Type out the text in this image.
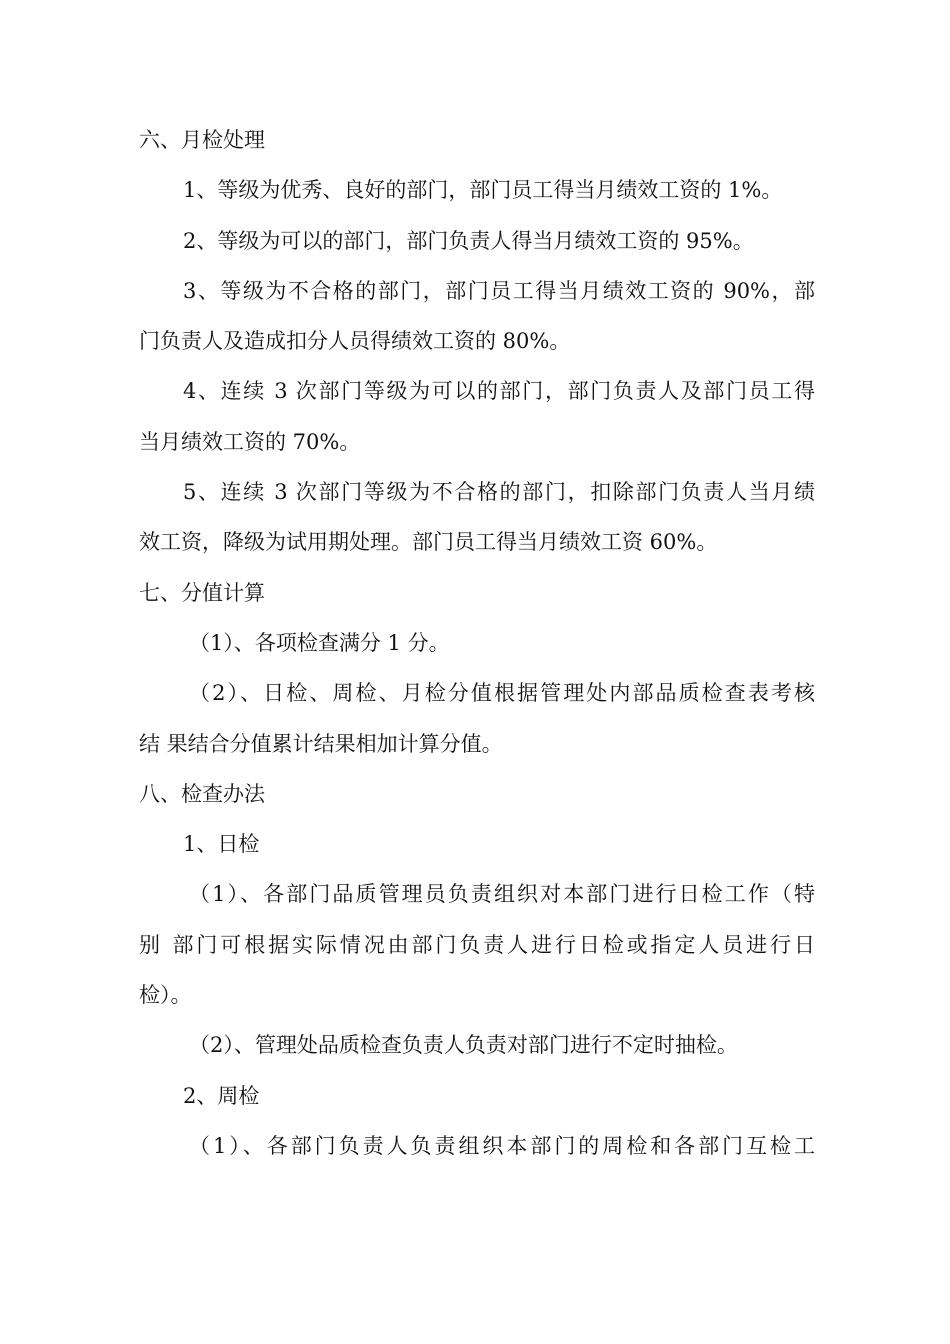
六、月检处理
1、等级为优秀、良好的部门，部门员工得当月绩效工资的 1%。
2、等级为可以的部门，部门负责人得当月绩效工资的 95%。
3、等级为不合格的部门，部门员工得当月绩效工资的 90%，部
门负责人及造成扣分人员得绩效工资的 80%。
4、连续 3 次部门等级为可以的部门，部门负责人及部门员工得
当月绩效工资的 70%。
5、连续 3 次部门等级为不合格的部门，扣除部门负责人当月绩
效工资，降级为试用期处理。部门员工得当月绩效工资 60%。
七、分值计算
（1）、各项检查满分 1 分。
（2）、日检、周检、月检分值根据管理处内部品质检查表考核
结 果结合分值累计结果相加计算分值。
八、检查办法
1、日检
（1）、各部门品质管理员负责组织对本部门进行日检工作（特
别 部门可根据实际情况由部门负责人进行日检或指定人员进行日
检）。
（2）、管理处品质检查负责人负责对部门进行不定时抽检。
2、周检
（1）、各部门负责人负责组织本部门的周检和各部门互检工
